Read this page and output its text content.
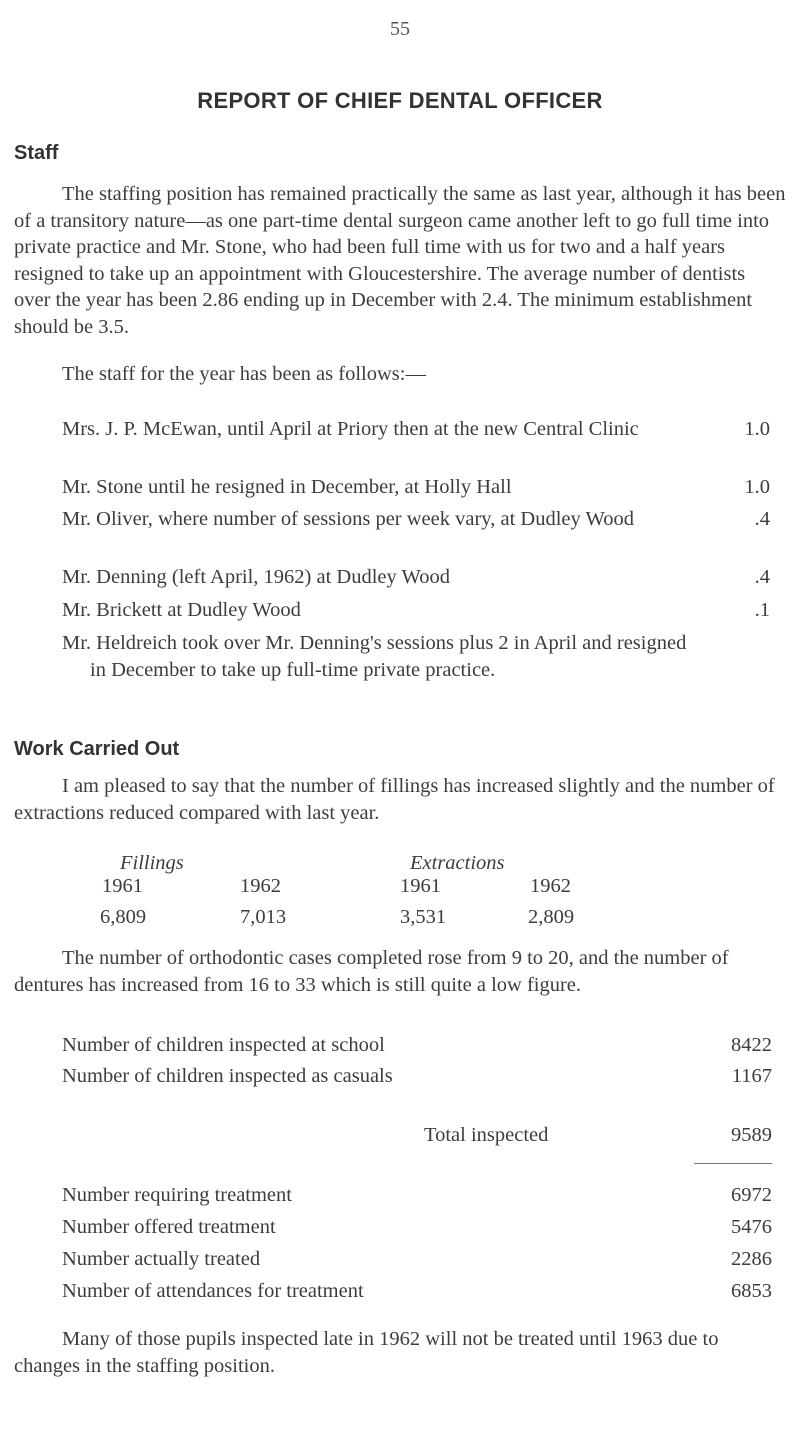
55
REPORT OF CHIEF DENTAL OFFICER
Staff

The staffing position has remained practically the same as last year, although it has been of a transitory nature—as one part-time dental surgeon came another left to go full time into private practice and Mr. Stone, who had been full time with us for two and a half years resigned to take up an appointment with Gloucestershire. The average number of dentists over the year has been 2.86 ending up in December with 2.4. The minimum establishment should be 3.5.

The staff for the year has been as follows:—

Mrs. J. P. McEwan, until April at Priory then at the new Central Clinic	1.0
Mr. Stone until he resigned in December, at Holly Hall	1.0
Mr. Oliver, where number of sessions per week vary, at Dudley Wood	.4
Mr. Denning (left April, 1962) at Dudley Wood	.4
Mr. Brickett at Dudley Wood	.1
Mr. Heldreich took over Mr. Denning's sessions plus 2 in April and resigned in December to take up full-time private practice.
Work Carried Out

I am pleased to say that the number of fillings has increased slightly and the number of extractions reduced compared with last year.

Fillings	Extractions
1961	1962	1961	1962
6,809	7,013	3,531	2,809

The number of orthodontic cases completed rose from 9 to 20, and the number of dentures has increased from 16 to 33 which is still quite a low figure.

Number of children inspected at school	8422
Number of children inspected as casuals	1167
Total inspected	9589
Number requiring treatment	6972
Number offered treatment	5476
Number actually treated	2286
Number of attendances for treatment	6853

Many of those pupils inspected late in 1962 will not be treated until 1963 due to changes in the staffing position.
